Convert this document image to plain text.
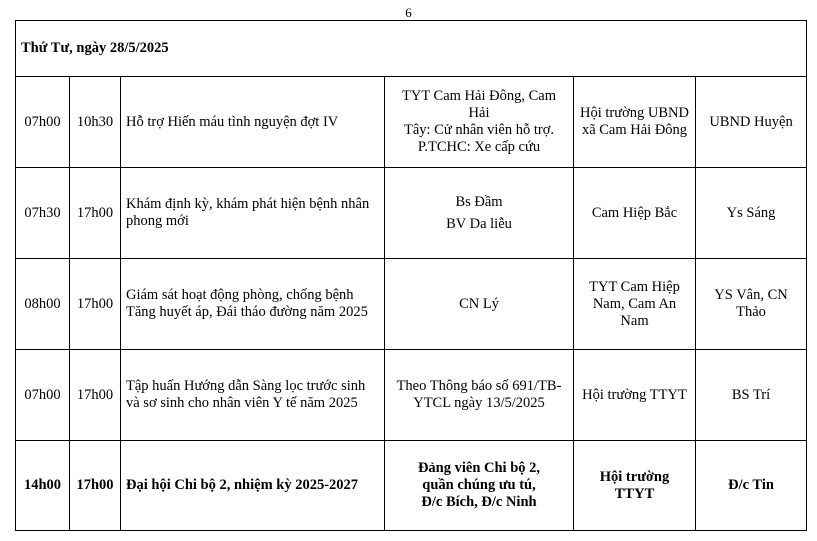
6
Thứ Tư, ngày 28/5/2025					
07h00	10h30	Hỗ trợ Hiến máu tình nguyện đợt IV	TYT Cam Hải Đông, Cam Hải
Tây: Cử nhân viên hỗ trợ.
P.TCHC: Xe cấp cứu	Hội trường UBND
xã Cam Hải Đông	UBND Huyện

07h30	17h00	Khám định kỳ, khám phát hiện bệnh nhân phong mới	Bs Đầm
BV Da liễu	Cam Hiệp Bắc	Ys Sáng

08h00	17h00	Giám sát hoạt động phòng, chống bệnh Tăng huyết áp, Đái tháo đường năm 2025	CN Lý	TYT Cam Hiệp
Nam, Cam An
Nam	YS Vân, CN
Thảo

07h00	17h00	Tập huấn Hướng dẫn Sàng lọc trước sinh và sơ sinh cho nhân viên Y tế năm 2025	Theo Thông báo số 691/TB-
YTCL ngày 13/5/2025	Hội trường TTYT	BS Trí

14h00	17h00	Đại hội Chi bộ 2, nhiệm kỳ 2025-2027	Đảng viên Chi bộ 2,
quần chúng ưu tú,
Đ/c Bích, Đ/c Ninh	Hội trường TTYT	Đ/c Tin
